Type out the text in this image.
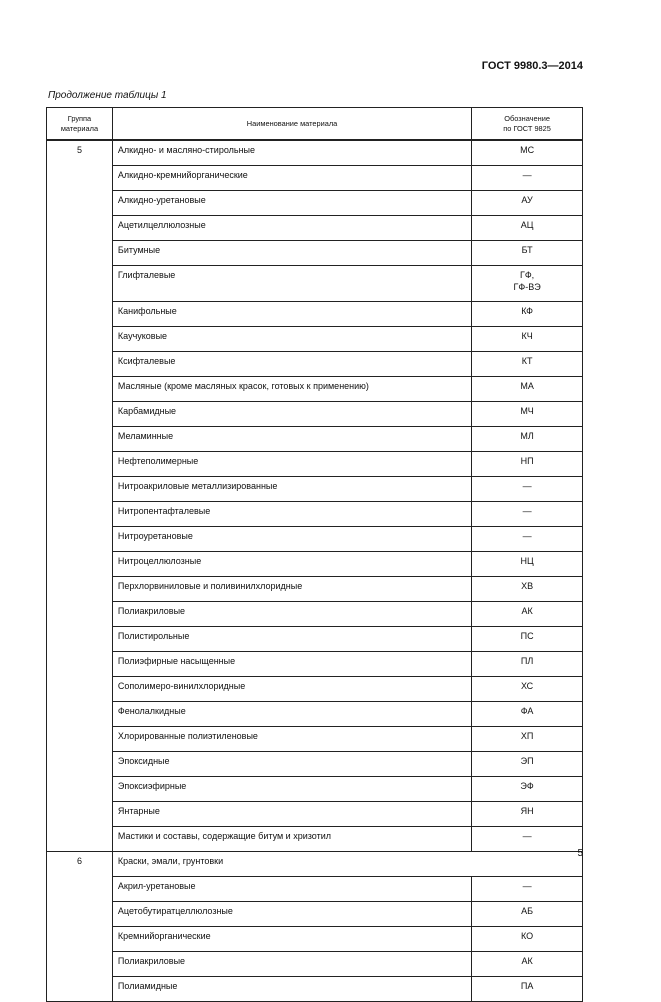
ГОСТ 9980.3—2014
Продолжение таблицы 1
Группа
материала	Наименование материала	Обозначение
по ГОСТ 9825
5	Алкидно- и масляно-стирольные	МС
	Алкидно-кремнийорганические	—
	Алкидно-уретановые	АУ
	Ацетилцеллюлозные	АЦ
	Битумные	БТ
	Глифталевые	ГФ,
ГФ-ВЭ
	Канифольные	КФ
	Каучуковые	КЧ
	Ксифталевые	КТ
	Масляные (кроме масляных красок, готовых к применению)	МА
	Карбамидные	МЧ
	Меламинные	МЛ
	Нефтеполимерные	НП
	Нитроакриловые металлизированные	—
	Нитропентафталевые	—
	Нитроуретановые	—
	Нитроцеллюлозные	НЦ
	Перхлорвиниловые и поливинилхлоридные	ХВ
	Полиакриловые	АК
	Полистирольные	ПС
	Полиэфирные насыщенные	ПЛ
	Сополимеро-винилхлоридные	ХС
	Фенолалкидные	ФА
	Хлорированные полиэтиленовые	ХП
	Эпоксидные	ЭП
	Эпоксиэфирные	ЭФ
	Янтарные	ЯН
	Мастики и составы, содержащие битум и хризотил	—
6	Краски, эмали, грунтовки	
	Акрил-уретановые	—
	Ацетобутиратцеллюлозные	АБ
	Кремнийорганические	КО
	Полиакриловые	АК
	Полиамидные	ПА
5
